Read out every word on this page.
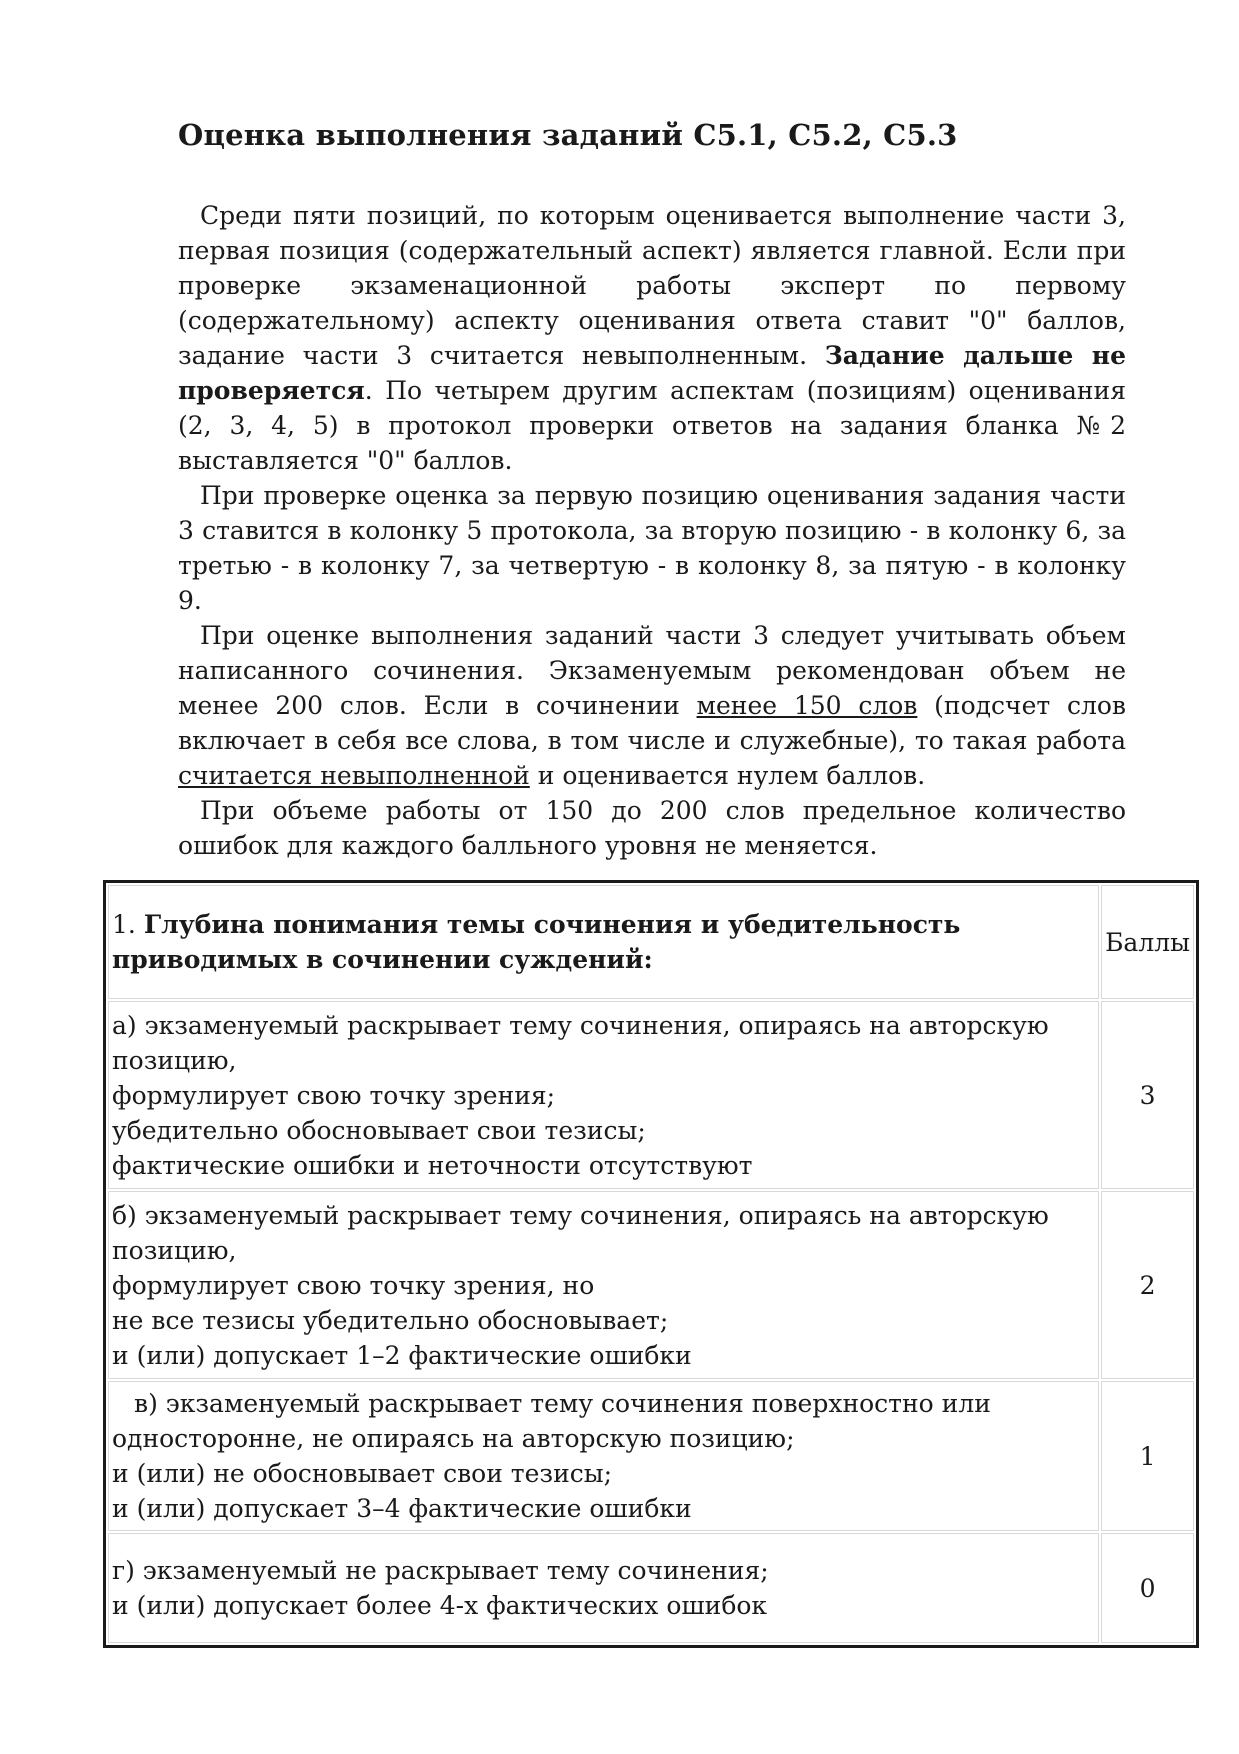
Оценка выполнения заданий С5.1, С5.2, С5.3

Среди пяти позиций, по которым оценивается выполнение части 3, первая позиция (содержательный аспект) является главной. Если при проверке экзаменационной работы эксперт по первому (содержательному) аспекту оценивания ответа ставит "0" баллов, задание части 3 считается невыполненным. Задание дальше не проверяется. По четырем другим аспектам (позициям) оценивания (2, 3, 4, 5) в протокол проверки ответов на задания бланка №2 выставляется "0" баллов.

При проверке оценка за первую позицию оценивания задания части 3 ставится в колонку 5 протокола, за вторую позицию - в колонку 6, за третью - в колонку 7, за четвертую - в колонку 8, за пятую - в колонку 9.

При оценке выполнения заданий части 3 следует учитывать объем написанного сочинения. Экзаменуемым рекомендован объем не менее 200 слов. Если в сочинении менее 150 слов (подсчет слов включает в себя все слова, в том числе и служебные), то такая работа считается невыполненной и оценивается нулем баллов.

При объеме работы от 150 до 200 слов предельное количество ошибок для каждого балльного уровня не меняется.

1. Глубина понимания темы сочинения и убедительность
приводимых в сочинении суждений:	Баллы

а) экзаменуемый раскрывает тему сочинения, опираясь на авторскую
позицию,
формулирует свою точку зрения;
убедительно обосновывает свои тезисы;
фактические ошибки и неточности отсутствуют	3

б) экзаменуемый раскрывает тему сочинения, опираясь на авторскую
позицию,
формулирует свою точку зрения, но
не все тезисы убедительно обосновывает;
и (или) допускает 1–2 фактические ошибки	2

в) экзаменуемый раскрывает тему сочинения поверхностно или
односторонне, не опираясь на авторскую позицию;
и (или) не обосновывает свои тезисы;
и (или) допускает 3–4 фактические ошибки	1

г) экзаменуемый не раскрывает тему сочинения;
и (или) допускает более 4-х фактических ошибок	0
